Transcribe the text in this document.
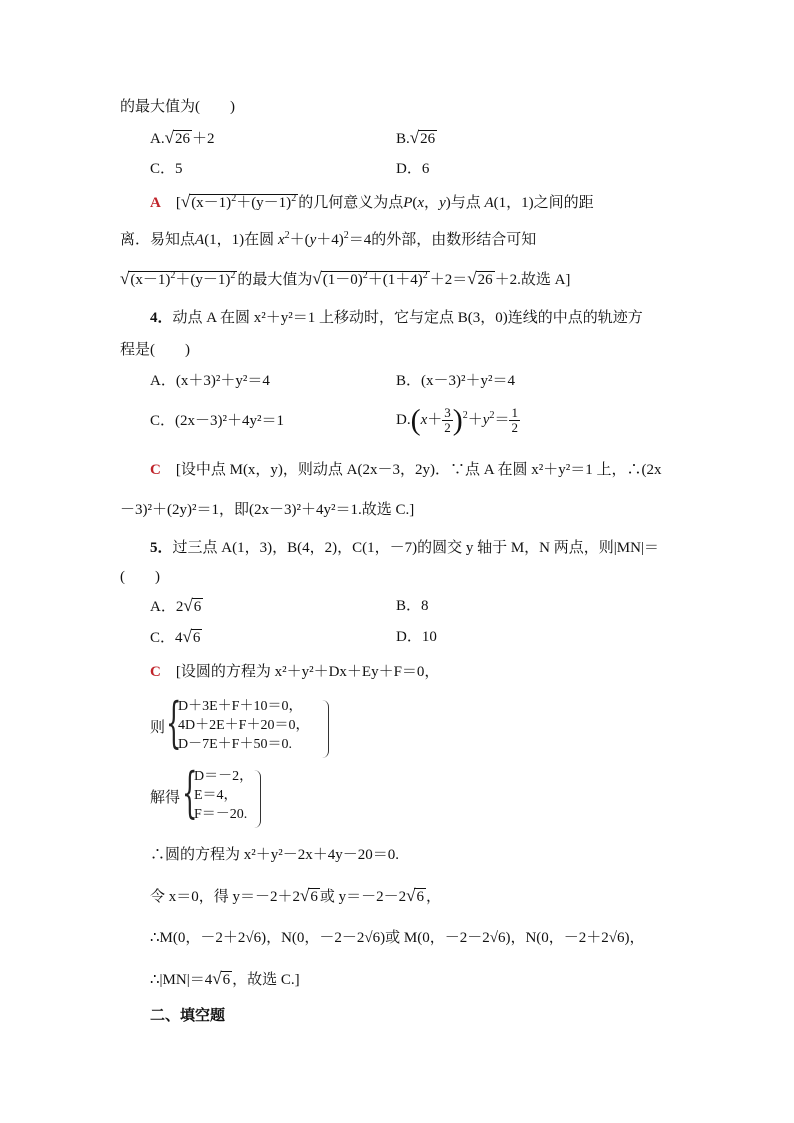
的最大值为(　　)
A.√26 ＋2	B.√26
C．5	D．6
A　[$√(x-1)^2+(y-1)^2$ 的几何意义为点P(x，y)与点 A(1，1)之间的距
离．易知点A(1，1)在圆 $x^2+(y+4)^2=4$的外部，由数形结合可知
$√(x-1)^2+(y-1)^2$ 的最大值为$√(1-0)^2+(1+4)^2 +2=√26 +2$.故选 A]
4．动点 A 在圆 x²＋y²＝1 上移动时，它与定点 B(3，0)连线的中点的轨迹方
程是(　　)
A．(x＋3)²＋y²＝4	B．(x－3)²＋y²＝4
C．(2x－3)²＋4y²＝1	$D.(x+ \frac{3}{2} )^2+y^2= \frac{1}{2}$
C　 [设中点 M(x，y)，则动点 A(2x－3，2y)．∵点 A 在圆 x²＋y²＝1 上，∴(2x
－3)²＋(2y)²＝1，即(2x－3)²＋4y²＝1.故选 C.]
5．过三点 A(1，3)，B(4，2)，C(1，－7)的圆交 y 轴于 M，N 两点，则|MN|＝
(　　)
A．2√6	B．8
C．4√6	D．10
C　 [设圆的方程为 x²＋y²＋Dx＋Ey＋F＝0，
则 {
D＋3E＋F＋10＝0，
4D＋2E＋F＋20＝0，
D－7E＋F＋50＝0.
解得 {
D＝－2，
E＝4，
F＝－20.
∴圆的方程为 x²＋y²－2x＋4y－20＝0.
令 x＝0，得 y＝－2＋2√6 或 y＝－2－2√6 ，
∴M(0，－2＋2√6)，N(0，－2－2√6)或 M(0，－2－2√6)，N(0，－2＋2√6)，
∴|MN|＝4√6 ，故选 C.]
二、填空题
